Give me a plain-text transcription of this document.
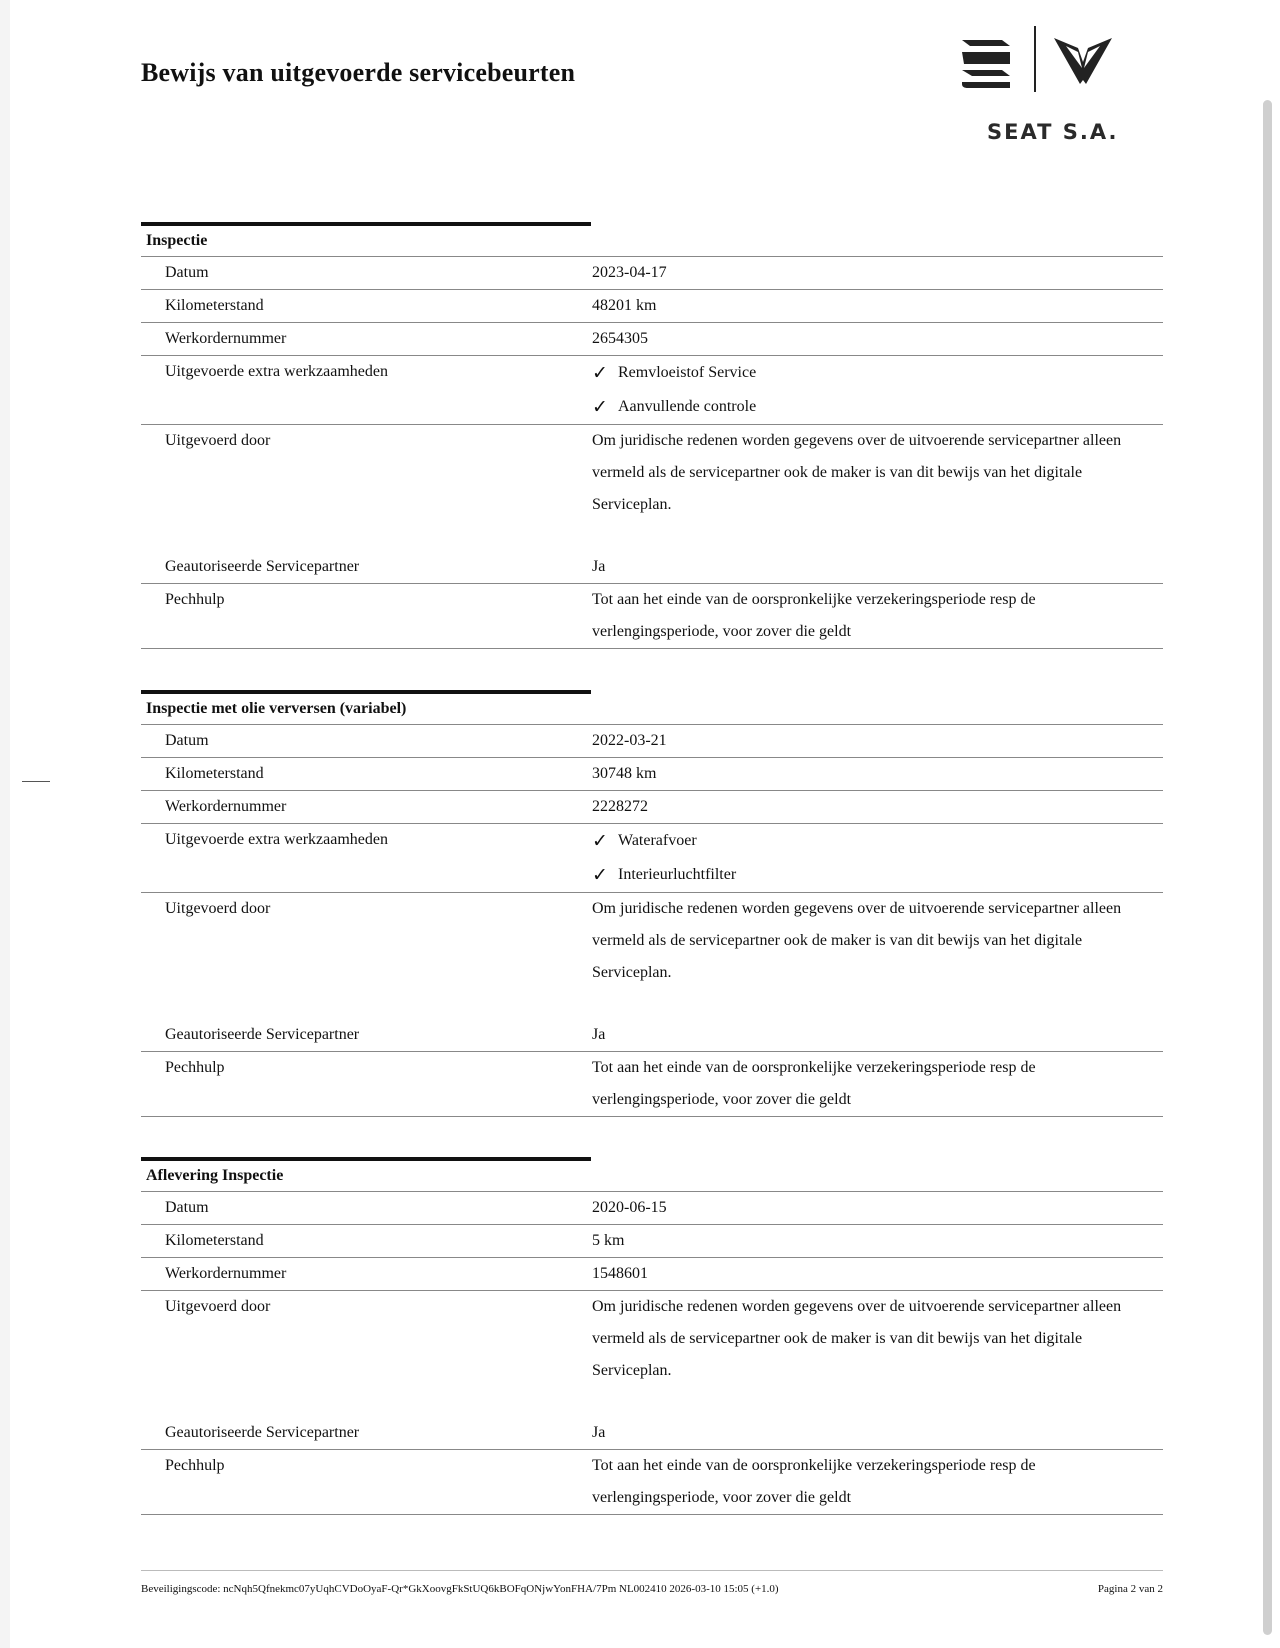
Bewijs van uitgevoerde servicebeurten

SEAT S.A.

Inspectie
Datum	2023-04-17
Kilometerstand	48201 km
Werkordernummer	2654305
Uitgevoerde extra werkzaamheden	✓ Remvloeistof Service
✓ Aanvullende controle
Uitgevoerd door	Om juridische redenen worden gegevens over de uitvoerende servicepartner alleen vermeld als de servicepartner ook de maker is van dit bewijs van het digitale Serviceplan.
Geautoriseerde Servicepartner	Ja
Pechhulp	Tot aan het einde van de oorspronkelijke verzekeringsperiode resp de verlengingsperiode, voor zover die geldt
Inspectie met olie verversen (variabel)
Datum	2022-03-21
Kilometerstand	30748 km
Werkordernummer	2228272
Uitgevoerde extra werkzaamheden	✓ Waterafvoer
✓ Interieurluchtfilter
Uitgevoerd door	Om juridische redenen worden gegevens over de uitvoerende servicepartner alleen vermeld als de servicepartner ook de maker is van dit bewijs van het digitale Serviceplan.
Geautoriseerde Servicepartner	Ja
Pechhulp	Tot aan het einde van de oorspronkelijke verzekeringsperiode resp de verlengingsperiode, voor zover die geldt
Aflevering Inspectie
Datum	2020-06-15
Kilometerstand	5 km
Werkordernummer	1548601
Uitgevoerd door	Om juridische redenen worden gegevens over de uitvoerende servicepartner alleen vermeld als de servicepartner ook de maker is van dit bewijs van het digitale Serviceplan.
Geautoriseerde Servicepartner	Ja
Pechhulp	Tot aan het einde van de oorspronkelijke verzekeringsperiode resp de verlengingsperiode, voor zover die geldt
Beveiligingscode: ncNqh5Qfnekmc07yUqhCVDoOyaF-Qr*GkXoovgFkStUQ6kBOFqONjwYonFHA/7Pm NL002410 2026-03-10 15:05 (+1.0)	Pagina 2 van 2
